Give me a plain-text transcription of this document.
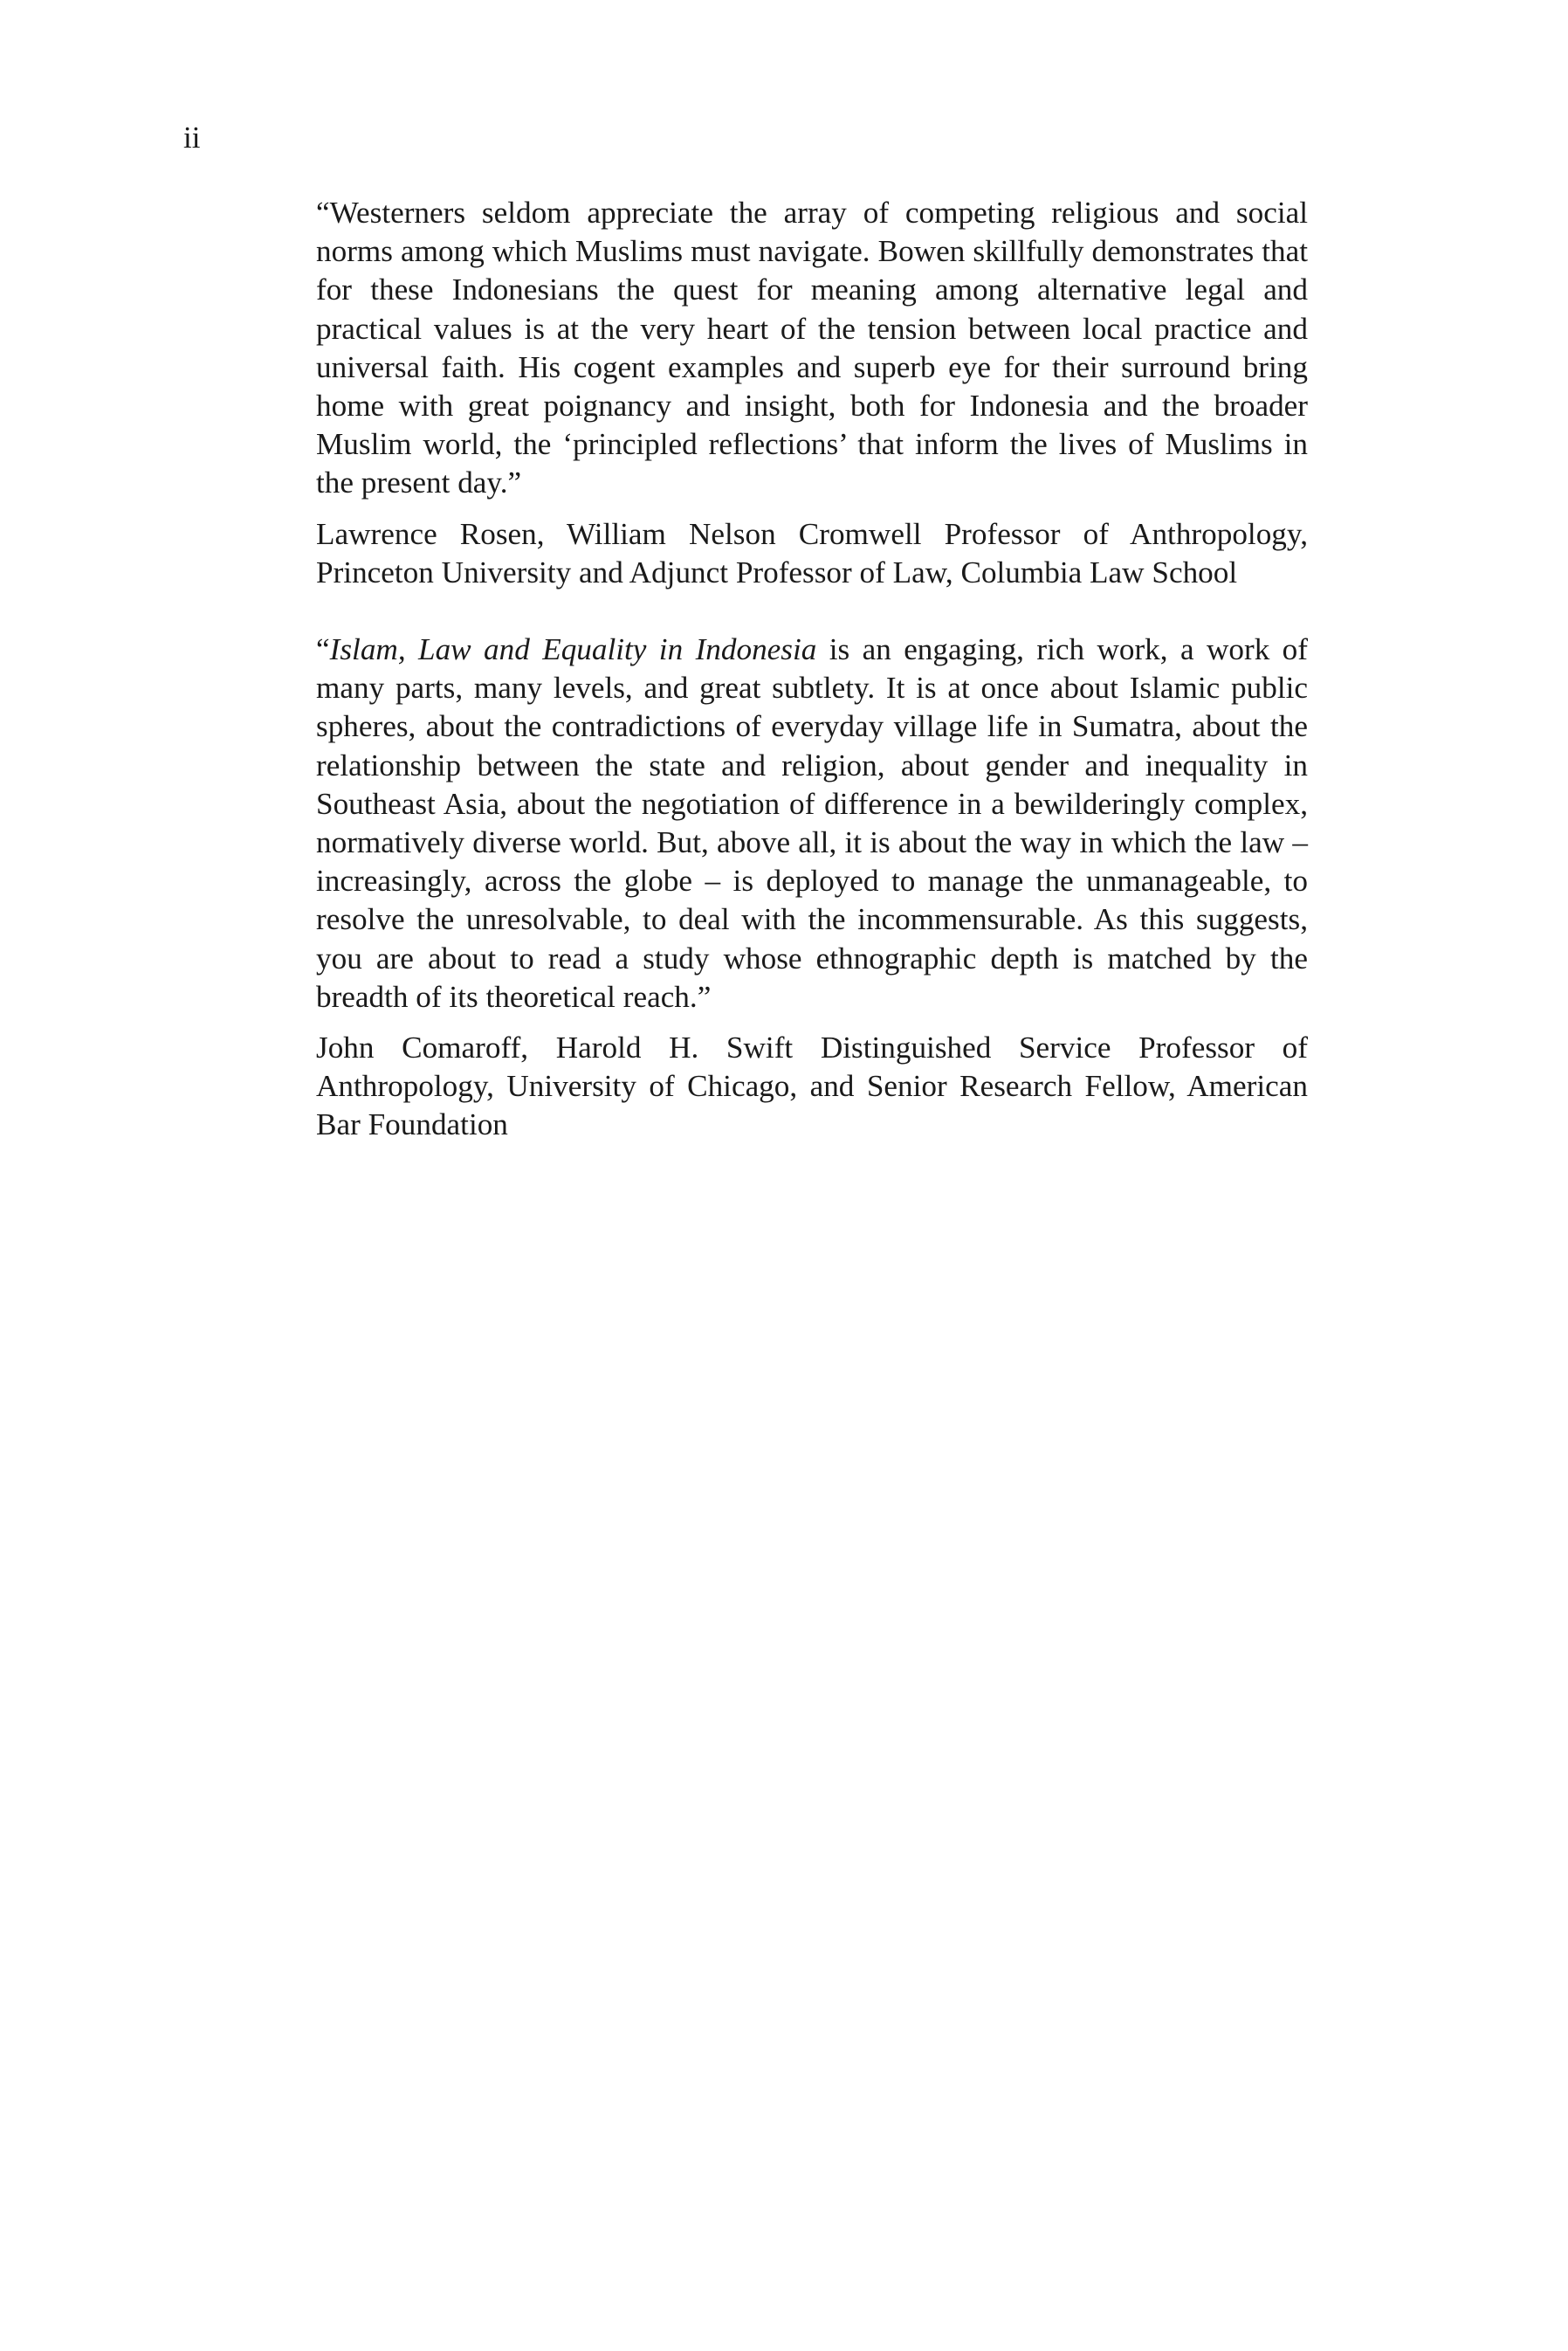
ii

“Westerners seldom appreciate the array of competing religious and social norms among which Muslims must navigate. Bowen skillfully demonstrates that for these Indonesians the quest for meaning among alternative legal and practical values is at the very heart of the tension between local practice and universal faith. His cogent examples and superb eye for their surround bring home with great poignancy and insight, both for Indonesia and the broader Muslim world, the ‘principled reflections’ that inform the lives of Muslims in the present day.”

Lawrence Rosen, William Nelson Cromwell Professor of Anthropology, Princeton University and Adjunct Professor of Law, Columbia Law School

“Islam, Law and Equality in Indonesia is an engaging, rich work, a work of many parts, many levels, and great subtlety. It is at once about Islamic public spheres, about the contradictions of everyday village life in Sumatra, about the relationship between the state and religion, about gender and inequality in Southeast Asia, about the negotiation of difference in a bewilderingly complex, normatively diverse world. But, above all, it is about the way in which the law – increasingly, across the globe – is deployed to manage the unmanageable, to resolve the unresolvable, to deal with the incommensurable. As this suggests, you are about to read a study whose ethnographic depth is matched by the breadth of its theoretical reach.”

John Comaroff, Harold H. Swift Distinguished Service Professor of Anthropology, University of Chicago, and Senior Research Fellow, American Bar Foundation
